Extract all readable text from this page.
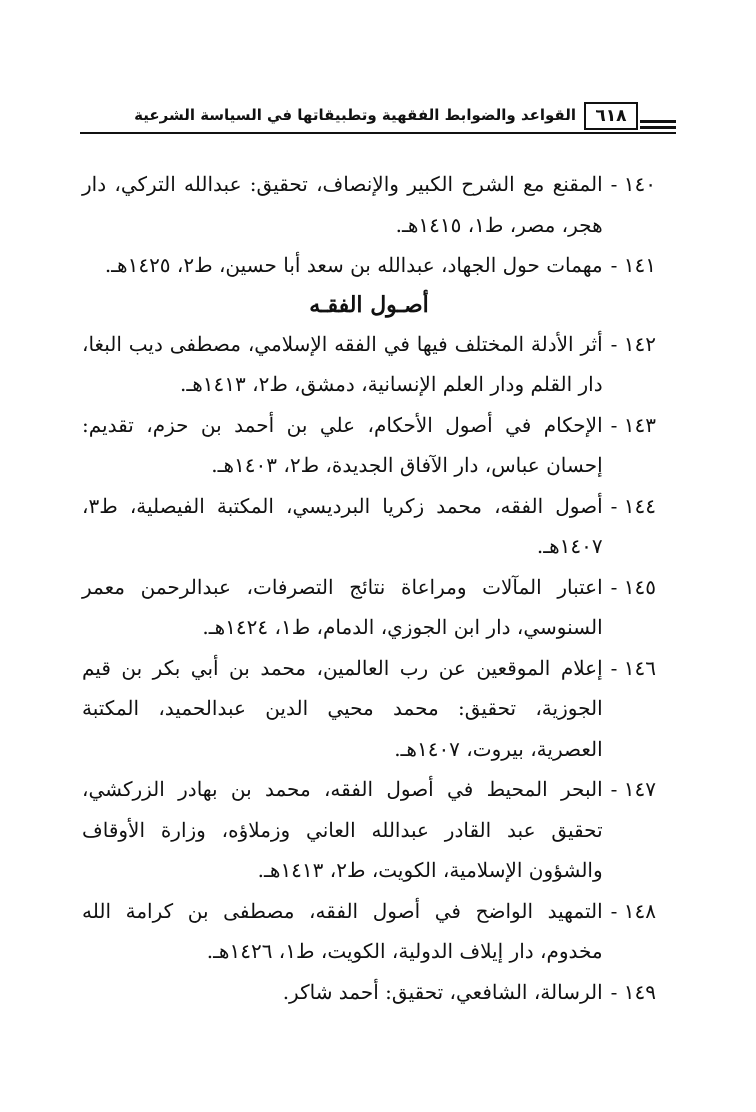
القواعد والضوابط الفقهية وتطبيقاتها في السياسة الشرعية	٦١٨
١٤٠ -
المقنع مع الشرح الكبير والإنصاف، تحقيق: عبدالله التركي، دار هجر، مصر، ط١، ١٤١٥هـ.
١٤١ -
مهمات حول الجهاد، عبدالله بن سعد أبا حسين، ط٢، ١٤٢٥هـ.
أصـول الفقـه
١٤٢ -
أثر الأدلة المختلف فيها في الفقه الإسلامي، مصطفى ديب البغا، دار القلم ودار العلم الإنسانية، دمشق، ط٢، ١٤١٣هـ.
١٤٣ -
الإحكام في أصول الأحكام، علي بن أحمد بن حزم، تقديم: إحسان عباس، دار الآفاق الجديدة، ط٢، ١٤٠٣هـ.
١٤٤ -
أصول الفقه، محمد زكريا البرديسي، المكتبة الفيصلية، ط٣، ١٤٠٧هـ.
١٤٥ -
اعتبار المآلات ومراعاة نتائج التصرفات، عبدالرحمن معمر السنوسي، دار ابن الجوزي، الدمام، ط١، ١٤٢٤هـ.
١٤٦ -
إعلام الموقعين عن رب العالمين، محمد بن أبي بكر بن قيم الجوزية، تحقيق: محمد محيي الدين عبدالحميد، المكتبة العصرية، بيروت، ١٤٠٧هـ.
١٤٧ -
البحر المحيط في أصول الفقه، محمد بن بهادر الزركشي، تحقيق عبد القادر عبدالله العاني وزملاؤه، وزارة الأوقاف والشؤون الإسلامية، الكويت، ط٢، ١٤١٣هـ.
١٤٨ -
التمهيد الواضح في أصول الفقه، مصطفى بن كرامة الله مخدوم، دار إيلاف الدولية، الكويت، ط١، ١٤٢٦هـ.
١٤٩ -
الرسالة، الشافعي، تحقيق: أحمد شاكر.
